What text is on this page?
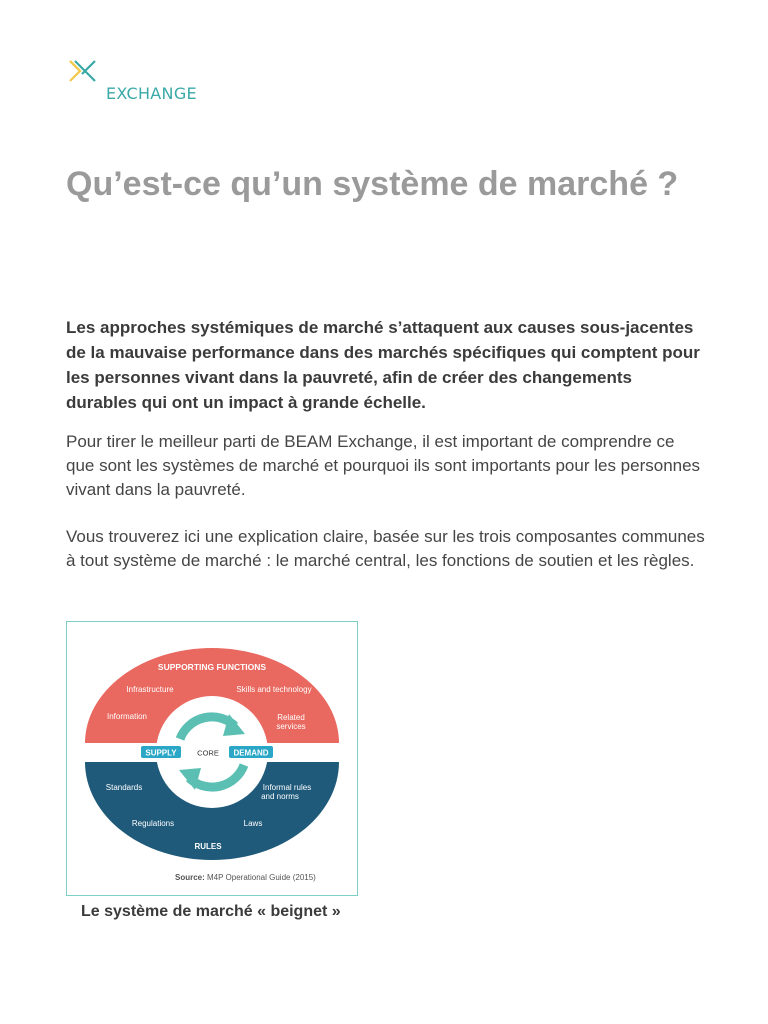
EXCHANGE
Qu’est-ce qu’un système de marché ?

Les approches systémiques de marché s’attaquent aux causes sous-jacentes de la mauvaise performance dans des marchés spécifiques qui comptent pour les personnes vivant dans la pauvreté, afin de créer des changements durables qui ont un impact à grande échelle.

Pour tirer le meilleur parti de BEAM Exchange, il est important de comprendre ce que sont les systèmes de marché et pourquoi ils sont importants pour les personnes vivant dans la pauvreté.

Vous trouverez ici une explication claire, basée sur les trois composantes communes à tout système de marché : le marché central, les fonctions de soutien et les règles.

SUPPORTING FUNCTIONS
Infrastructure	Skills and technology
Information	Related
services
SUPPLY	CORE DEMAND
Standards	Informal rules
and norms
Regulations	Laws
RULES
Source: M4P Operational Guide (2015)

Le système de marché « beignet »
